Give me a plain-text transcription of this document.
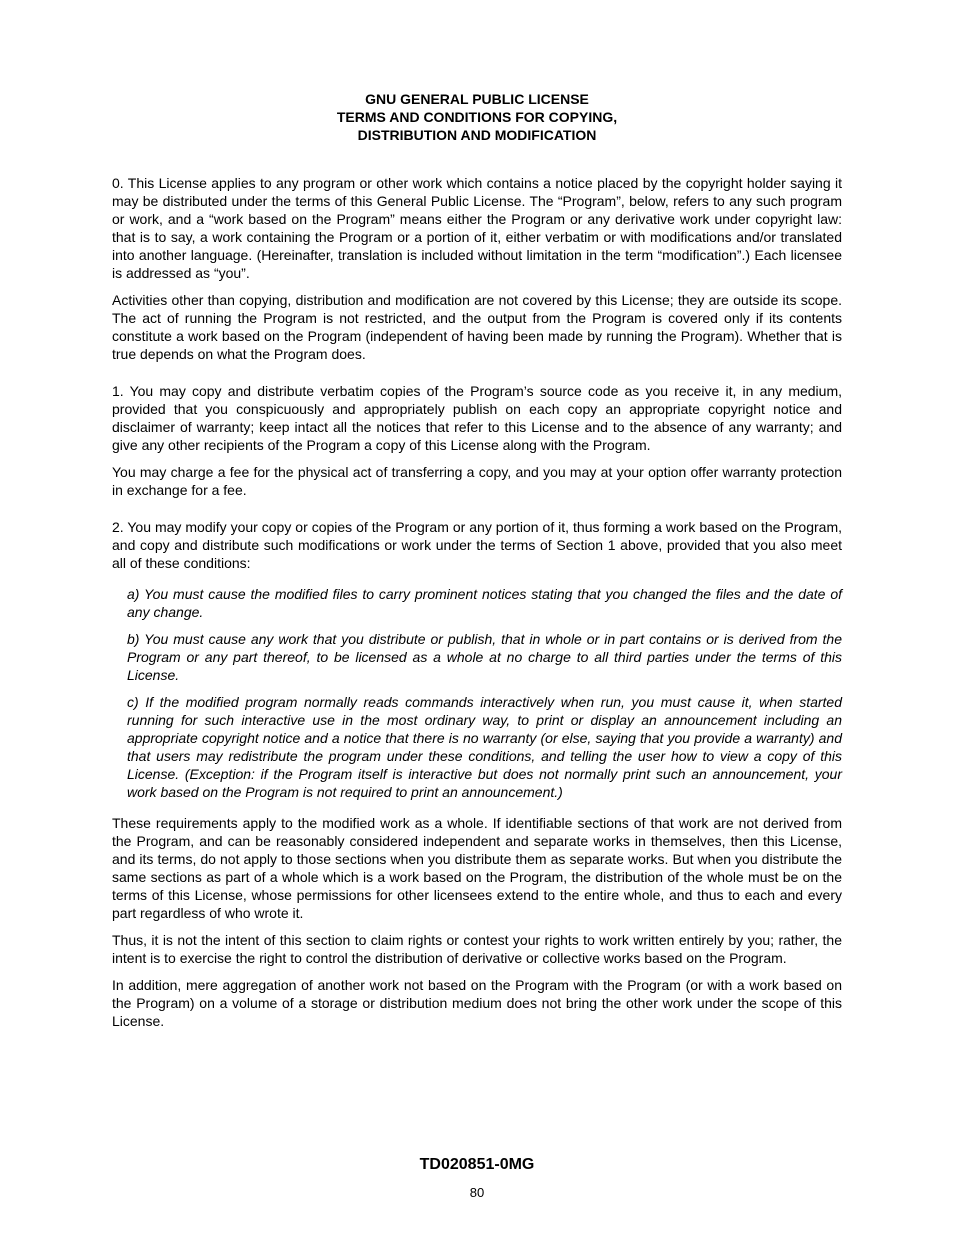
GNU GENERAL PUBLIC LICENSE
TERMS AND CONDITIONS FOR COPYING,
DISTRIBUTION AND MODIFICATION

0. This License applies to any program or other work which contains a notice placed by the copyright holder saying it may be distributed under the terms of this General Public License. The “Program”, below, refers to any such program or work, and a “work based on the Program” means either the Program or any derivative work under copyright law: that is to say, a work containing the Program or a portion of it, either verbatim or with modifications and/or translated into another language. (Hereinafter, translation is included without limitation in the term “modification”.) Each licensee is addressed as “you”.

Activities other than copying, distribution and modification are not covered by this License; they are outside its scope. The act of running the Program is not restricted, and the output from the Program is covered only if its contents constitute a work based on the Program (independent of having been made by running the Program). Whether that is true depends on what the Program does.

1. You may copy and distribute verbatim copies of the Program’s source code as you receive it, in any medium, provided that you conspicuously and appropriately publish on each copy an appropriate copyright notice and disclaimer of warranty; keep intact all the notices that refer to this License and to the absence of any warranty; and give any other recipients of the Program a copy of this License along with the Program.

You may charge a fee for the physical act of transferring a copy, and you may at your option offer warranty protection in exchange for a fee.

2. You may modify your copy or copies of the Program or any portion of it, thus forming a work based on the Program, and copy and distribute such modifications or work under the terms of Section 1 above, provided that you also meet all of these conditions:

a) You must cause the modified files to carry prominent notices stating that you changed the files and the date of any change.

b) You must cause any work that you distribute or publish, that in whole or in part contains or is derived from the Program or any part thereof, to be licensed as a whole at no charge to all third parties under the terms of this License.

c) If the modified program normally reads commands interactively when run, you must cause it, when started running for such interactive use in the most ordinary way, to print or display an announcement including an appropriate copyright notice and a notice that there is no warranty (or else, saying that you provide a warranty) and that users may redistribute the program under these conditions, and telling the user how to view a copy of this License. (Exception: if the Program itself is interactive but does not normally print such an announcement, your work based on the Program is not required to print an announcement.)

These requirements apply to the modified work as a whole. If identifiable sections of that work are not derived from the Program, and can be reasonably considered independent and separate works in themselves, then this License, and its terms, do not apply to those sections when you distribute them as separate works. But when you distribute the same sections as part of a whole which is a work based on the Program, the distribution of the whole must be on the terms of this License, whose permissions for other licensees extend to the entire whole, and thus to each and every part regardless of who wrote it.

Thus, it is not the intent of this section to claim rights or contest your rights to work written entirely by you; rather, the intent is to exercise the right to control the distribution of derivative or collective works based on the Program.

In addition, mere aggregation of another work not based on the Program with the Program (or with a work based on the Program) on a volume of a storage or distribution medium does not bring the other work under the scope of this License.

TD020851-0MG
80
